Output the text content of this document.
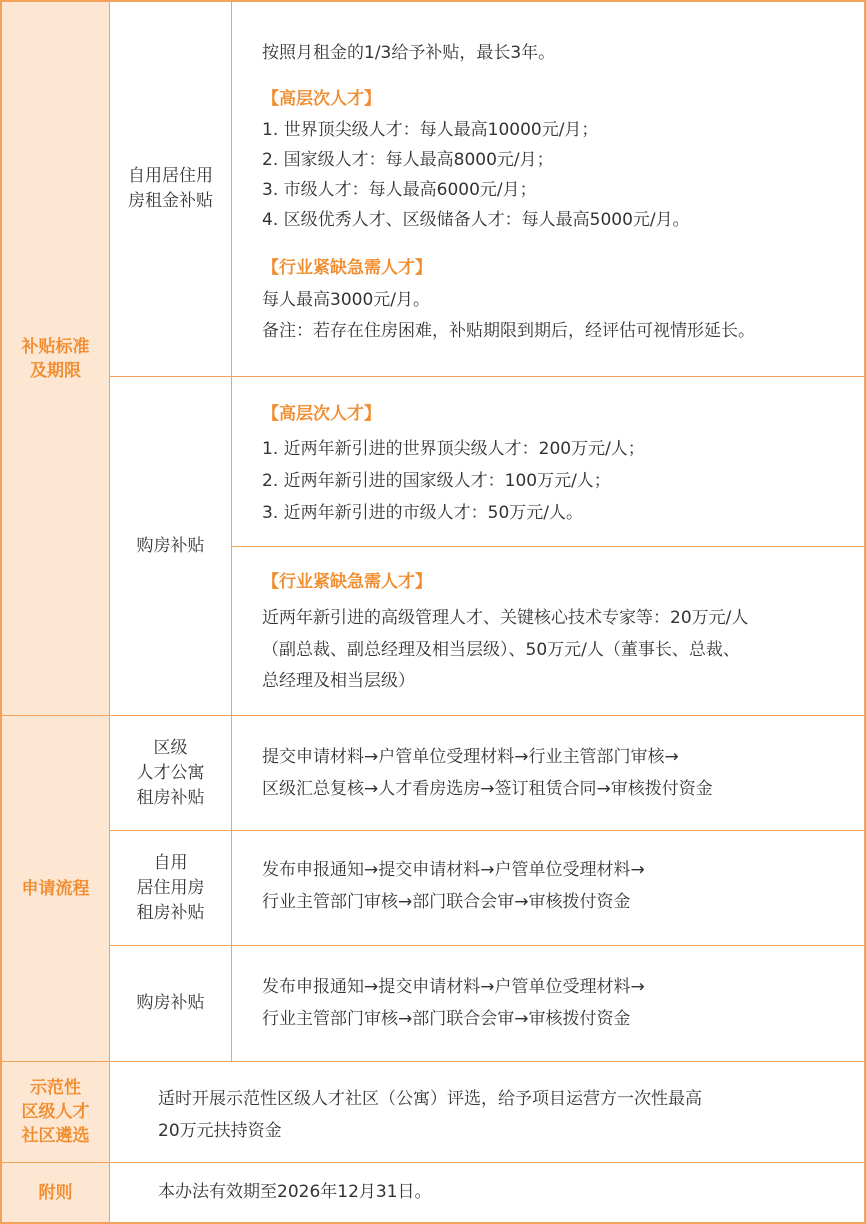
补贴标准
及期限
自用居住用
房租金补贴
按照月租金的1/3给予补贴，最长3年。
【高层次人才】
1. 世界顶尖级人才：每人最高10000元/月；
2. 国家级人才：每人最高8000元/月；
3. 市级人才：每人最高6000元/月；
4. 区级优秀人才、区级储备人才：每人最高5000元/月。
【行业紧缺急需人才】
每人最高3000元/月。
备注：若存在住房困难，补贴期限到期后，经评估可视情形延长。
购房补贴
【高层次人才】
1. 近两年新引进的世界顶尖级人才：200万元/人；
2. 近两年新引进的国家级人才：100万元/人；
3. 近两年新引进的市级人才：50万元/人。
【行业紧缺急需人才】
近两年新引进的高级管理人才、关键核心技术专家等：20万元/人
（副总裁、副总经理及相当层级）、50万元/人（董事长、总裁、
总经理及相当层级）
申请流程
区级
人才公寓
租房补贴
提交申请材料→户管单位受理材料→行业主管部门审核→
区级汇总复核→人才看房选房→签订租赁合同→审核拨付资金
自用
居住用房
租房补贴
发布申报通知→提交申请材料→户管单位受理材料→
行业主管部门审核→部门联合会审→审核拨付资金
购房补贴
发布申报通知→提交申请材料→户管单位受理材料→
行业主管部门审核→部门联合会审→审核拨付资金
示范性
区级人才
社区遴选
适时开展示范性区级人才社区（公寓）评选，给予项目运营方一次性最高
20万元扶持资金
附则	本办法有效期至2026年12月31日。
